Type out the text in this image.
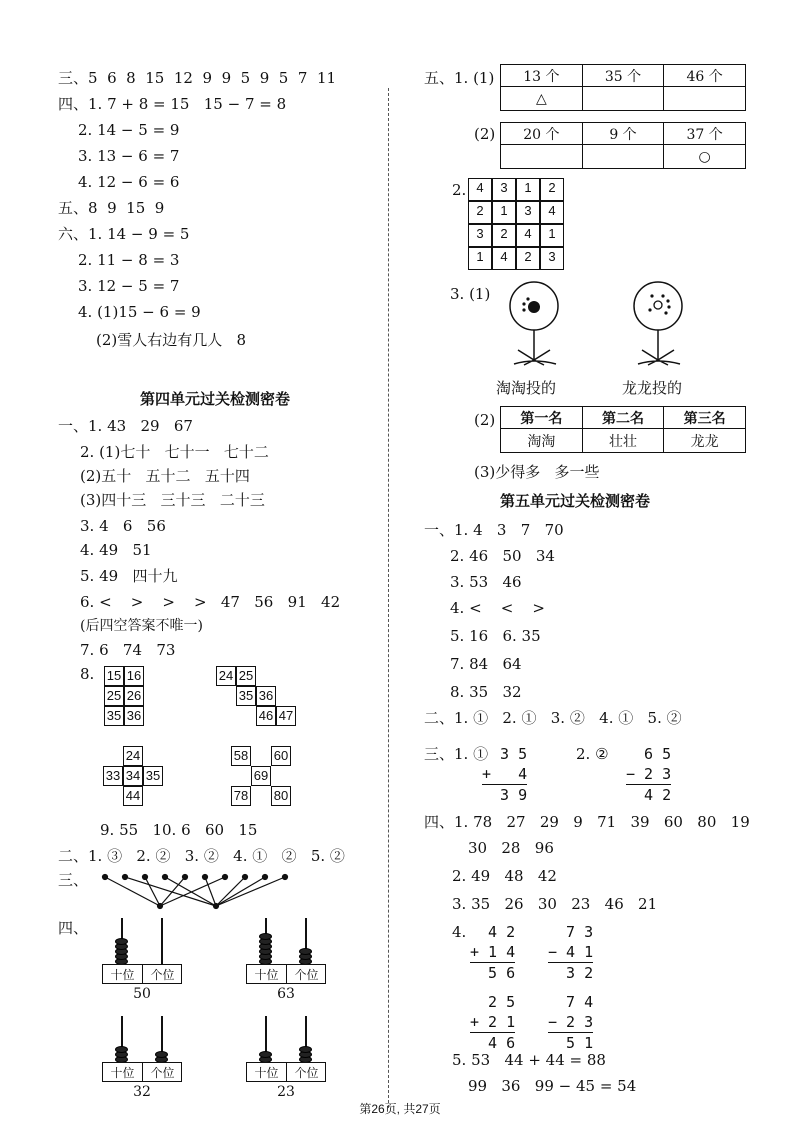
三、5  6  8  15  12  9  9  5  9  5  7  11
四、1. 7 + 8 = 15   15 − 7 = 8
2. 14 − 5 = 9
3. 13 − 6 = 7
4. 12 − 6 = 6
五、8  9  15  9
六、1. 14 − 9 = 5
2. 11 − 8 = 3
3. 12 − 5 = 7
4. (1)15 − 6 = 9
(2)雪人右边有几人   8
第四单元过关检测密卷
一、1. 43   29   67
2. (1)七十   七十一   七十二
(2)五十   五十二   五十四
(3)四十三   三十三   二十三
3. 4   6   56
4. 49   51
5. 49   四十九
6. <    >    >    >   47   56   91   42
(后四空答案不唯一)
7. 6   74   73
8. 15 16
25 26
35 36
24 25
35 36
46 47
24
33 34 35
44
58 60
69
78 80
9. 55   10. 6   60   15
二、1. ③   2. ②   3. ②   4. ①   ②   5. ②
三、
四、
十位	个位
50
十位	个位
63
十位	个位
32
十位	个位
23
五、1. (1) 13 个	35 个	46 个
△		
(2) 20 个	9 个	37 个
		○
2. 4	3	1	2
2	1	3	4
3	2	4	1
1	4	2	3
3. (1)
淘淘投的	龙龙投的
(2) 第一名	第二名	第三名
淘淘	壮壮	龙龙
(3)少得多   多一些
第五单元过关检测密卷
一、1. 4   3   7   70
2. 46   50   34
3. 53   46
4. <    <    >
5. 16   6. 35
7. 84   64
8. 35   32
二、1. ①   2. ①   3. ②   4. ①   5. ②
三、1. ①
3 5
+   4
3 9
2. ② 6 5
− 2 3
4 2
四、1. 78   27   29   9   71   39   60   80   19
30   28   96
2. 49   48   42
3. 35   26   30   23   46   21
4. 4 2
+ 1 4
5 6
7 3
− 4 1
3 2
2 5
+ 2 1
4 6
7 4
− 2 3
5 1
5. 53   44 + 44 = 88
99   36   99 − 45 = 54
第26页, 共27页
